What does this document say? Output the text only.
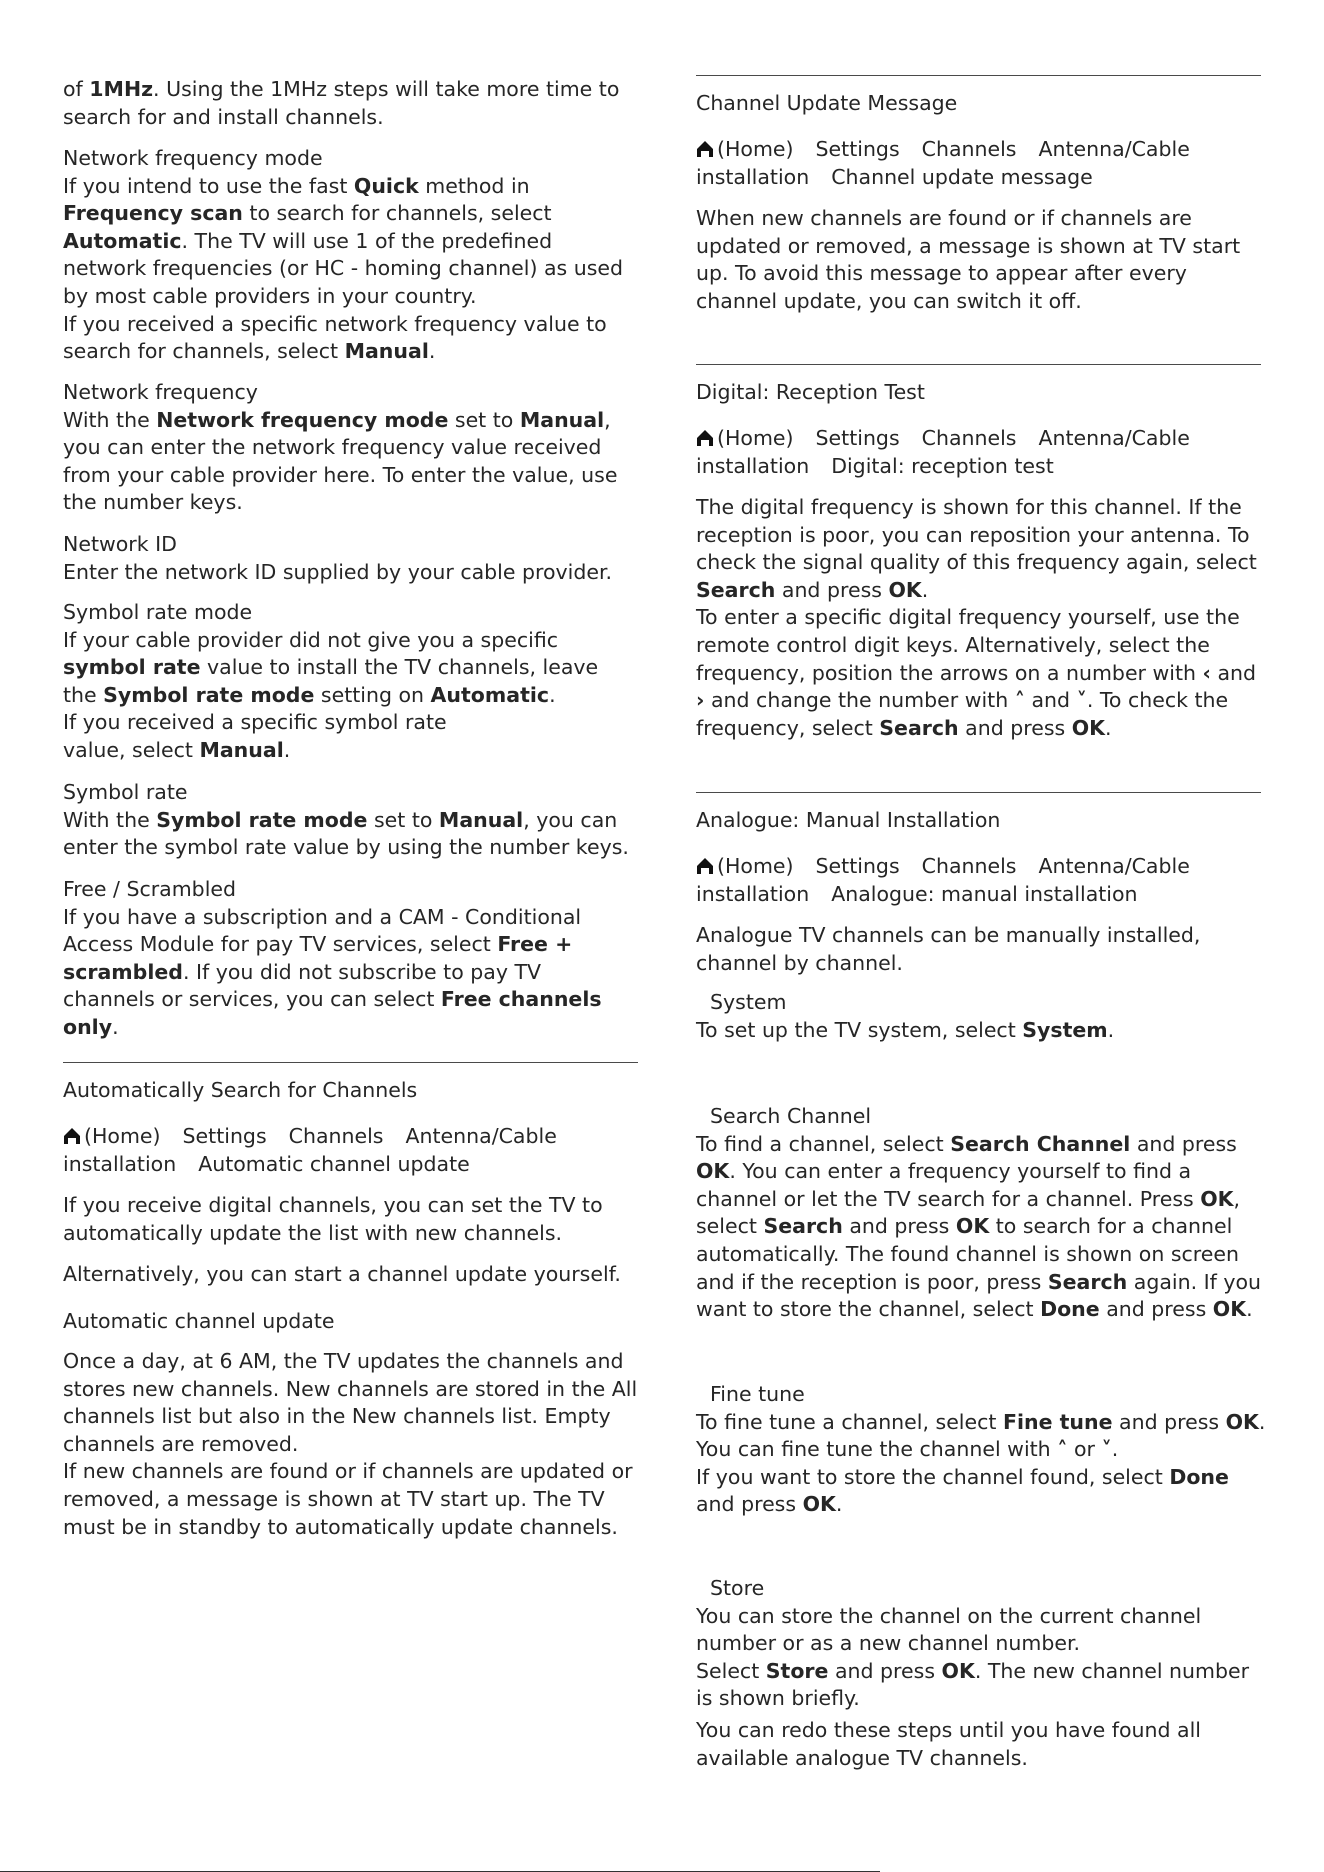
of 1MHz. Using the 1MHz steps will take more time to search for and install channels.

Network frequency mode

If you intend to use the fast Quick method in Frequency scan to search for channels, select Automatic. The TV will use 1 of the predefined network frequencies (or HC - homing channel) as used by most cable providers in your country.

If you received a specific network frequency value to search for channels, select Manual.

Network frequency

With the Network frequency mode set to Manual, you can enter the network frequency value received from your cable provider here. To enter the value, use the number keys.

Network ID

Enter the network ID supplied by your cable provider.

Symbol rate mode

If your cable provider did not give you a specific symbol rate value to install the TV channels, leave the Symbol rate mode setting on Automatic.

If you received a specific symbol rate value, select Manual.

Symbol rate

With the Symbol rate mode set to Manual, you can enter the symbol rate value by using the number keys.

Free / Scrambled

If you have a subscription and a CAM - Conditional Access Module for pay TV services, select Free + scrambled. If you did not subscribe to pay TV channels or services, you can select Free channels only.

Automatically Search for Channels

(Home) Settings Channels Antenna/Cable installation Automatic channel update

If you receive digital channels, you can set the TV to automatically update the list with new channels.

Alternatively, you can start a channel update yourself.

Automatic channel update

Once a day, at 6 AM, the TV updates the channels and stores new channels. New channels are stored in the All channels list but also in the New channels list. Empty channels are removed.

If new channels are found or if channels are updated or removed, a message is shown at TV start up. The TV must be in standby to automatically update channels.

Channel Update Message

(Home) Settings Channels Antenna/Cable installation Channel update message

When new channels are found or if channels are updated or removed, a message is shown at TV start up. To avoid this message to appear after every channel update, you can switch it off.

Digital: Reception Test

(Home) Settings Channels Antenna/Cable installation Digital: reception test

The digital frequency is shown for this channel. If the reception is poor, you can reposition your antenna. To check the signal quality of this frequency again, select Search and press OK.

To enter a specific digital frequency yourself, use the remote control digit keys. Alternatively, select the frequency, position the arrows on a number with ‹ and › and change the number with ˄ and ˅. To check the frequency, select Search and press OK.

Analogue: Manual Installation

(Home) Settings Channels Antenna/Cable installation Analogue: manual installation

Analogue TV channels can be manually installed, channel by channel.

System

To set up the TV system, select System.

Search Channel

To find a channel, select Search Channel and press OK. You can enter a frequency yourself to find a channel or let the TV search for a channel. Press OK, select Search and press OK to search for a channel automatically. The found channel is shown on screen and if the reception is poor, press Search again. If you want to store the channel, select Done and press OK.

Fine tune

To fine tune a channel, select Fine tune and press OK. You can fine tune the channel with ˄ or ˅.

If you want to store the channel found, select Done and press OK.

Store

You can store the channel on the current channel number or as a new channel number.

Select Store and press OK. The new channel number is shown briefly.

You can redo these steps until you have found all available analogue TV channels.
